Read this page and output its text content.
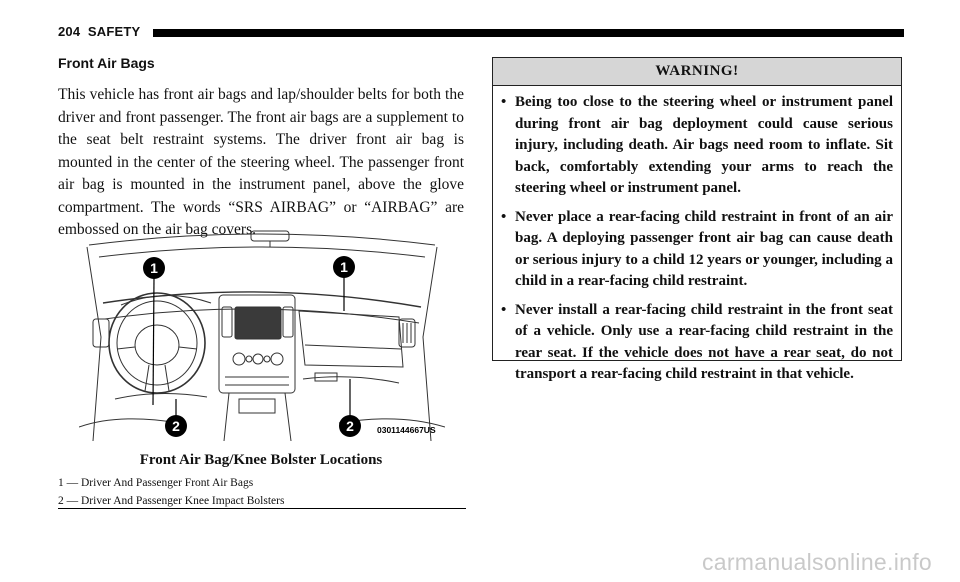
204 SAFETY
Front Air Bags
This vehicle has front air bags and lap/shoulder belts for both the driver and front passenger. The front air bags are a supplement to the seat belt restraint systems. The driver front air bag is mounted in the center of the steering wheel. The passenger front air bag is mounted in the instrument panel, above the glove compartment. The words “SRS AIRBAG” or “AIRBAG” are embossed on the air bag covers.
1	1
2	2	0301144667US
Front Air Bag/Knee Bolster Locations
1 — Driver And Passenger Front Air Bags
2 — Driver And Passenger Knee Impact Bolsters
WARNING!
• Being too close to the steering wheel or instrument panel during front air bag deployment could cause serious injury, including death. Air bags need room to inflate. Sit back, comfortably extending your arms to reach the steering wheel or instrument panel.
• Never place a rear-facing child restraint in front of an air bag. A deploying passenger front air bag can cause death or serious injury to a child 12 years or younger, including a child in a rear-facing child restraint.
• Never install a rear-facing child restraint in the front seat of a vehicle. Only use a rear-facing child restraint in the rear seat. If the vehicle does not have a rear seat, do not transport a rear-facing child restraint in that vehicle.
carmanualsonline.info
